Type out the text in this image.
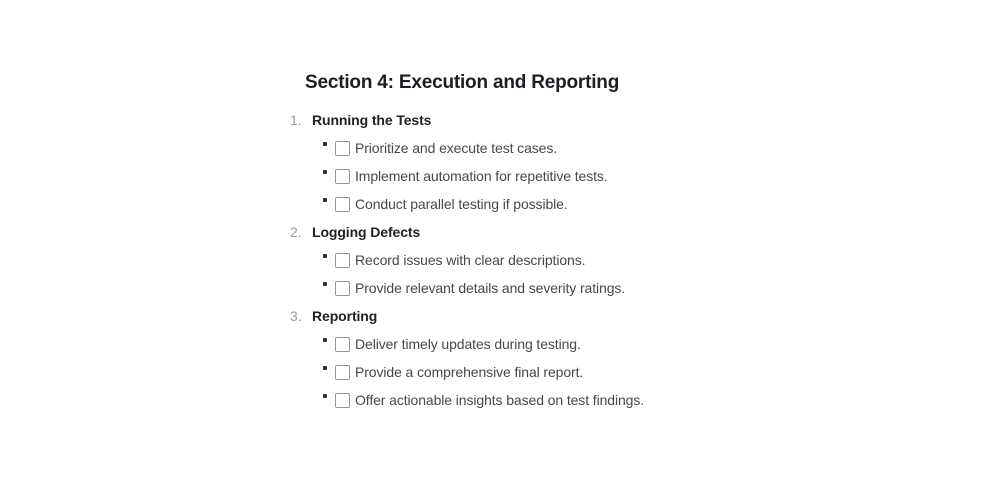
Section 4: Execution and Reporting
1. Running the Tests
Prioritize and execute test cases.
Implement automation for repetitive tests.
Conduct parallel testing if possible.
2. Logging Defects
Record issues with clear descriptions.
Provide relevant details and severity ratings.
3. Reporting
Deliver timely updates during testing.
Provide a comprehensive final report.
Offer actionable insights based on test findings.
